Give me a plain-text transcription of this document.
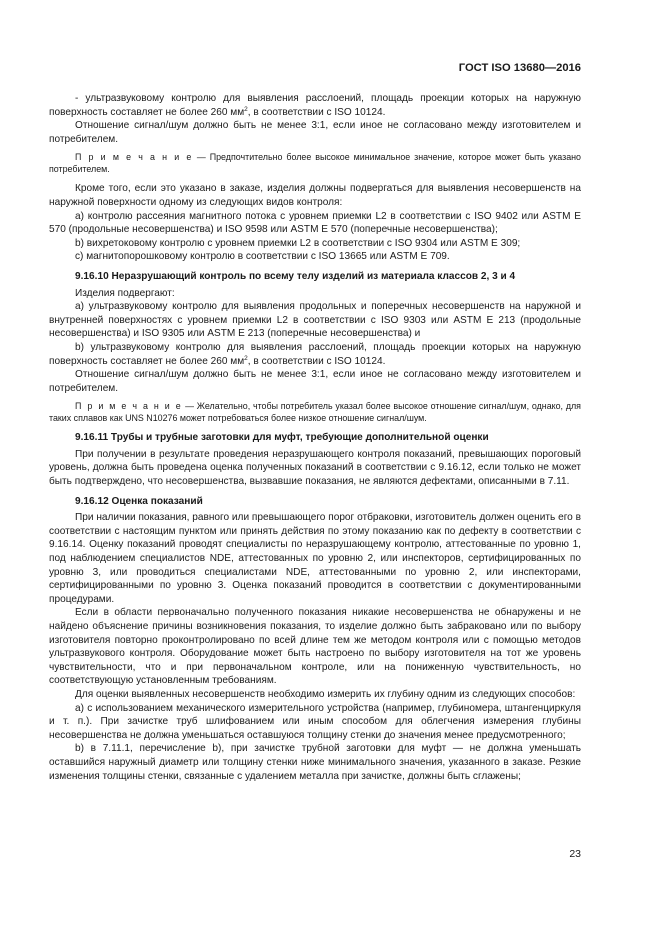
ГОСТ ISO 13680—2016

- ультразвуковому контролю для выявления расслоений, площадь проекции которых на наружную поверхность составляет не более 260 $мм^2$, в соответствии с ISO 10124.

Отношение сигнал/шум должно быть не менее 3:1, если иное не согласовано между изготовителем и потребителем.

П р и м е ч а н и е — Предпочтительно более высокое минимальное значение, которое может быть указано потребителем.

Кроме того, если это указано в заказе, изделия должны подвергаться для выявления несовершенств на наружной поверхности одному из следующих видов контроля:

a) контролю рассеяния магнитного потока с уровнем приемки L2 в соответствии с ISO 9402 или ASTM E 570 (продольные несовершенства) и ISO 9598 или ASTM E 570 (поперечные несовершенства);

b) вихретоковому контролю с уровнем приемки L2 в соответствии с ISO 9304 или ASTM E 309;

c) магнитопорошковому контролю в соответствии с ISO 13665 или ASTM E 709.

9.16.10 Неразрушающий контроль по всему телу изделий из материала классов 2, 3 и 4

Изделия подвергают:

a) ультразвуковому контролю для выявления продольных и поперечных несовершенств на наружной и внутренней поверхностях с уровнем приемки L2 в соответствии с ISO 9303 или ASTM E 213 (продольные несовершенства) и ISO 9305 или ASTM E 213 (поперечные несовершенства) и

b) ультразвуковому контролю для выявления расслоений, площадь проекции которых на наружную поверхность составляет не более 260 $мм^2$, в соответствии с ISO 10124.

Отношение сигнал/шум должно быть не менее 3:1, если иное не согласовано между изготовителем и потребителем.

П р и м е ч а н и е — Желательно, чтобы потребитель указал более высокое отношение сигнал/шум, однако, для таких сплавов как UNS N10276 может потребоваться более низкое отношение сигнал/шум.

9.16.11 Трубы и трубные заготовки для муфт, требующие дополнительной оценки

При получении в результате проведения неразрушающего контроля показаний, превышающих пороговый уровень, должна быть проведена оценка полученных показаний в соответствии с 9.16.12, если только не может быть подтверждено, что несовершенства, вызвавшие показания, не являются дефектами, описанными в 7.11.

9.16.12 Оценка показаний

При наличии показания, равного или превышающего порог отбраковки, изготовитель должен оценить его в соответствии с настоящим пунктом или принять действия по этому показанию как по дефекту в соответствии с 9.16.14. Оценку показаний проводят специалисты по неразрушающему контролю, аттестованные по уровню 1, под наблюдением специалистов NDE, аттестованных по уровню 2, или инспекторов, сертифицированных по уровню 3, или проводиться специалистами NDE, аттестованными по уровню 2, или инспекторами, сертифицированными по уровню 3. Оценка показаний проводится в соответствии с документированными процедурами.

Если в области первоначально полученного показания никакие несовершенства не обнаружены и не найдено объяснение причины возникновения показания, то изделие должно быть забраковано или по выбору изготовителя повторно проконтролировано по всей длине тем же методом контроля или с помощью методов ультразвукового контроля. Оборудование может быть настроено по выбору изготовителя на тот же уровень чувствительности, что и при первоначальном контроле, или на пониженную чувствительность, но соответствующую установленным требованиям.

Для оценки выявленных несовершенств необходимо измерить их глубину одним из следующих способов:

a) с использованием механического измерительного устройства (например, глубиномера, штангенциркуля и т. п.). При зачистке труб шлифованием или иным способом для облегчения измерения глубины несовершенства не должна уменьшаться оставшуюся толщину стенки до значения менее предусмотренного;

b) в 7.11.1, перечисление b), при зачистке трубной заготовки для муфт — не должна уменьшать оставшийся наружный диаметр или толщину стенки ниже минимального значения, указанного в заказе. Резкие изменения толщины стенки, связанные с удалением металла при зачистке, должны быть сглажены;

23
